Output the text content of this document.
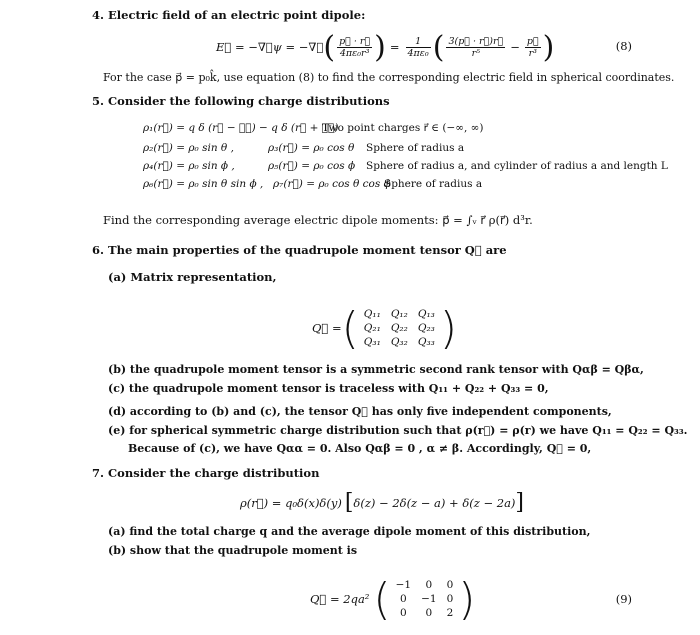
4. Electric field of an electric point dipole:
E⃗ = −∇⃗ψ = −∇⃗ ( $\frac{p⃗ \cdot r⃗}{\text{4πε₀r³}}$ ) = $\frac{1}{\text{4πε₀}}$ ( $\frac{3(p⃗ \cdot r⃗)r⃗}{\text{r⁵}} - \frac{p⃗}{\text{r³}}$ )	(8)
For the case p⃗ = p₀k̂, use equation (8) to find the corresponding electric field in spherical coordinates.
5. Consider the following charge distributions
ρ₁(r⃗) = q δ (r⃗ − ℓ⃗) − q δ (r⃗ + ℓ⃗)
Two point charges r⃗ ∈ (−∞, ∞)
ρ₂(r⃗) = ρ₀ sin θ ,	ρ₃(r⃗) = ρ₀ cos θ Sphere of radius a
ρ₄(r⃗) = ρ₀ sin ϕ ,	ρ₅(r⃗) = ρ₀ cos ϕ Sphere of radius a, and cylinder of radius a and length L
ρ₆(r⃗) = ρ₀ sin θ sin ϕ , ρ₇(r⃗) = ρ₀ cos θ cos ϕ
Sphere of radius a
Find the corresponding average electric dipole moments: p⃗ = ∫ᵥ r⃗ ρ(r⃗) d³r.
6. The main properties of the quadrupole moment tensor Q⃡ are
(a) Matrix representation,
Q⃡ = ( Q₁₁	Q₁₂	Q₁₃
Q₂₁	Q₂₂	Q₂₃
Q₃₁	Q₃₂	Q₃₃ )
(b) the quadrupole moment tensor is a symmetric second rank tensor with Qαβ = Qβα,
(c) the quadrupole moment tensor is traceless with Q₁₁ + Q₂₂ + Q₃₃ = 0,
(d) according to (b) and (c), the tensor Q⃡ has only five independent components,
(e) for spherical symmetric charge distribution such that ρ(r⃗) = ρ(r) we have Q₁₁ = Q₂₂ = Q₃₃.
Because of (c), we have Qαα = 0. Also Qαβ = 0 , α ≠ β. Accordingly, Q⃡ = 0,
7. Consider the charge distribution
ρ(r⃗) = q₀δ(x)δ(y) [ δ(z) − 2δ(z − a) + δ(z − 2a) ]
(a) find the total charge q and the average dipole moment of this distribution,
(b) show that the quadrupole moment is
Q⃡ = 2qa² ( −1	0	0
0	−1	0
0	0	2 )	(9)
